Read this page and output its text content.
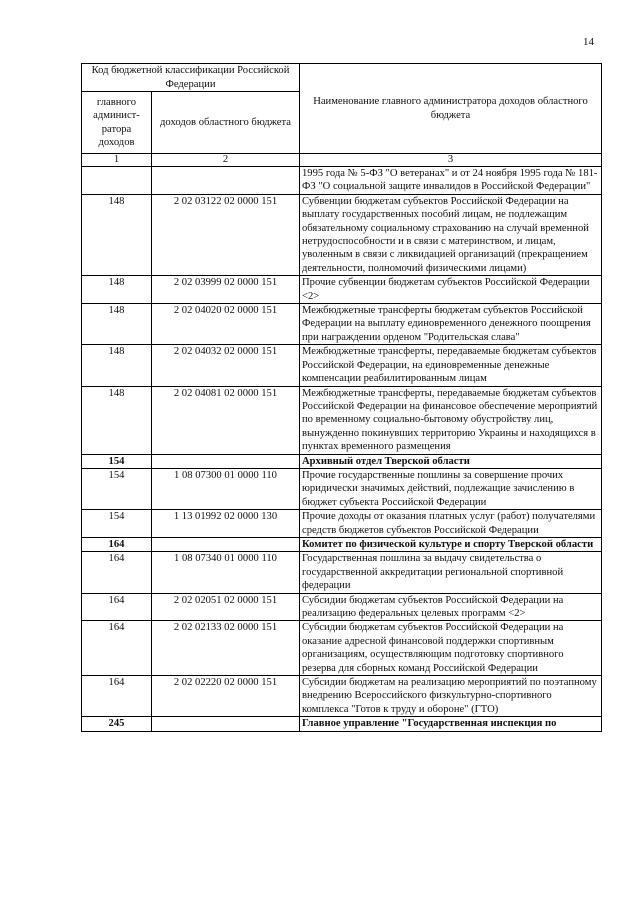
14
Код бюджетной классификации Российской Федерации		Наименование главного администратора доходов областного бюджета
главного админист-ратора доходов	доходов областного бюджета	
1	2	3
		1995 года № 5-ФЗ "О ветеранах" и от 24 ноября 1995 года № 181-ФЗ "О социальной защите инвалидов в Российской Федерации"
148	2 02 03122 02 0000 151	Субвенции бюджетам субъектов Российской Федерации на выплату государственных пособий лицам, не подлежащим обязательному социальному страхованию на случай временной нетрудоспособности и в связи с материнством, и лицам, уволенным в связи с ликвидацией организаций (прекращением деятельности, полномочий физическими лицами)
148	2 02 03999 02 0000 151	Прочие субвенции бюджетам субъектов Российской Федерации <2>
148	2 02 04020 02 0000 151	Межбюджетные трансферты бюджетам субъектов Российской Федерации на выплату единовременного денежного поощрения при награждении орденом "Родительская слава"
148	2 02 04032 02 0000 151	Межбюджетные трансферты, передаваемые бюджетам субъектов Российской Федерации, на единовременные денежные компенсации реабилитированным лицам
148	2 02 04081 02 0000 151	Межбюджетные трансферты, передаваемые бюджетам субъектов Российской Федерации на финансовое обеспечение мероприятий по временному социально-бытовому обустройству лиц, вынужденно покинувших территорию Украины и находящихся в пунктах временного размещения
154		Архивный отдел Тверской области
154	1 08 07300 01 0000 110	Прочие государственные пошлины за совершение прочих юридически значимых действий, подлежащие зачислению в бюджет субъекта Российской Федерации
154	1 13 01992 02 0000 130	Прочие доходы от оказания платных услуг (работ) получателями средств бюджетов субъектов Российской Федерации
164		Комитет по физической культуре и спорту Тверской области
164	1 08 07340 01 0000 110	Государственная пошлина за выдачу свидетельства о государственной аккредитации региональной спортивной федерации
164	2 02 02051 02 0000 151	Субсидии бюджетам субъектов Российской Федерации на реализацию федеральных целевых программ <2>
164	2 02 02133 02 0000 151	Субсидии бюджетам субъектов Российской Федерации на оказание адресной финансовой поддержки спортивным организациям, осуществляющим подготовку спортивного резерва для сборных команд Российской Федерации
164	2 02 02220 02 0000 151	Субсидии бюджетам на реализацию мероприятий по поэтапному внедрению Всероссийского физкультурно-спортивного комплекса "Готов к труду и обороне" (ГТО)
245		Главное управление "Государственная инспекция по
